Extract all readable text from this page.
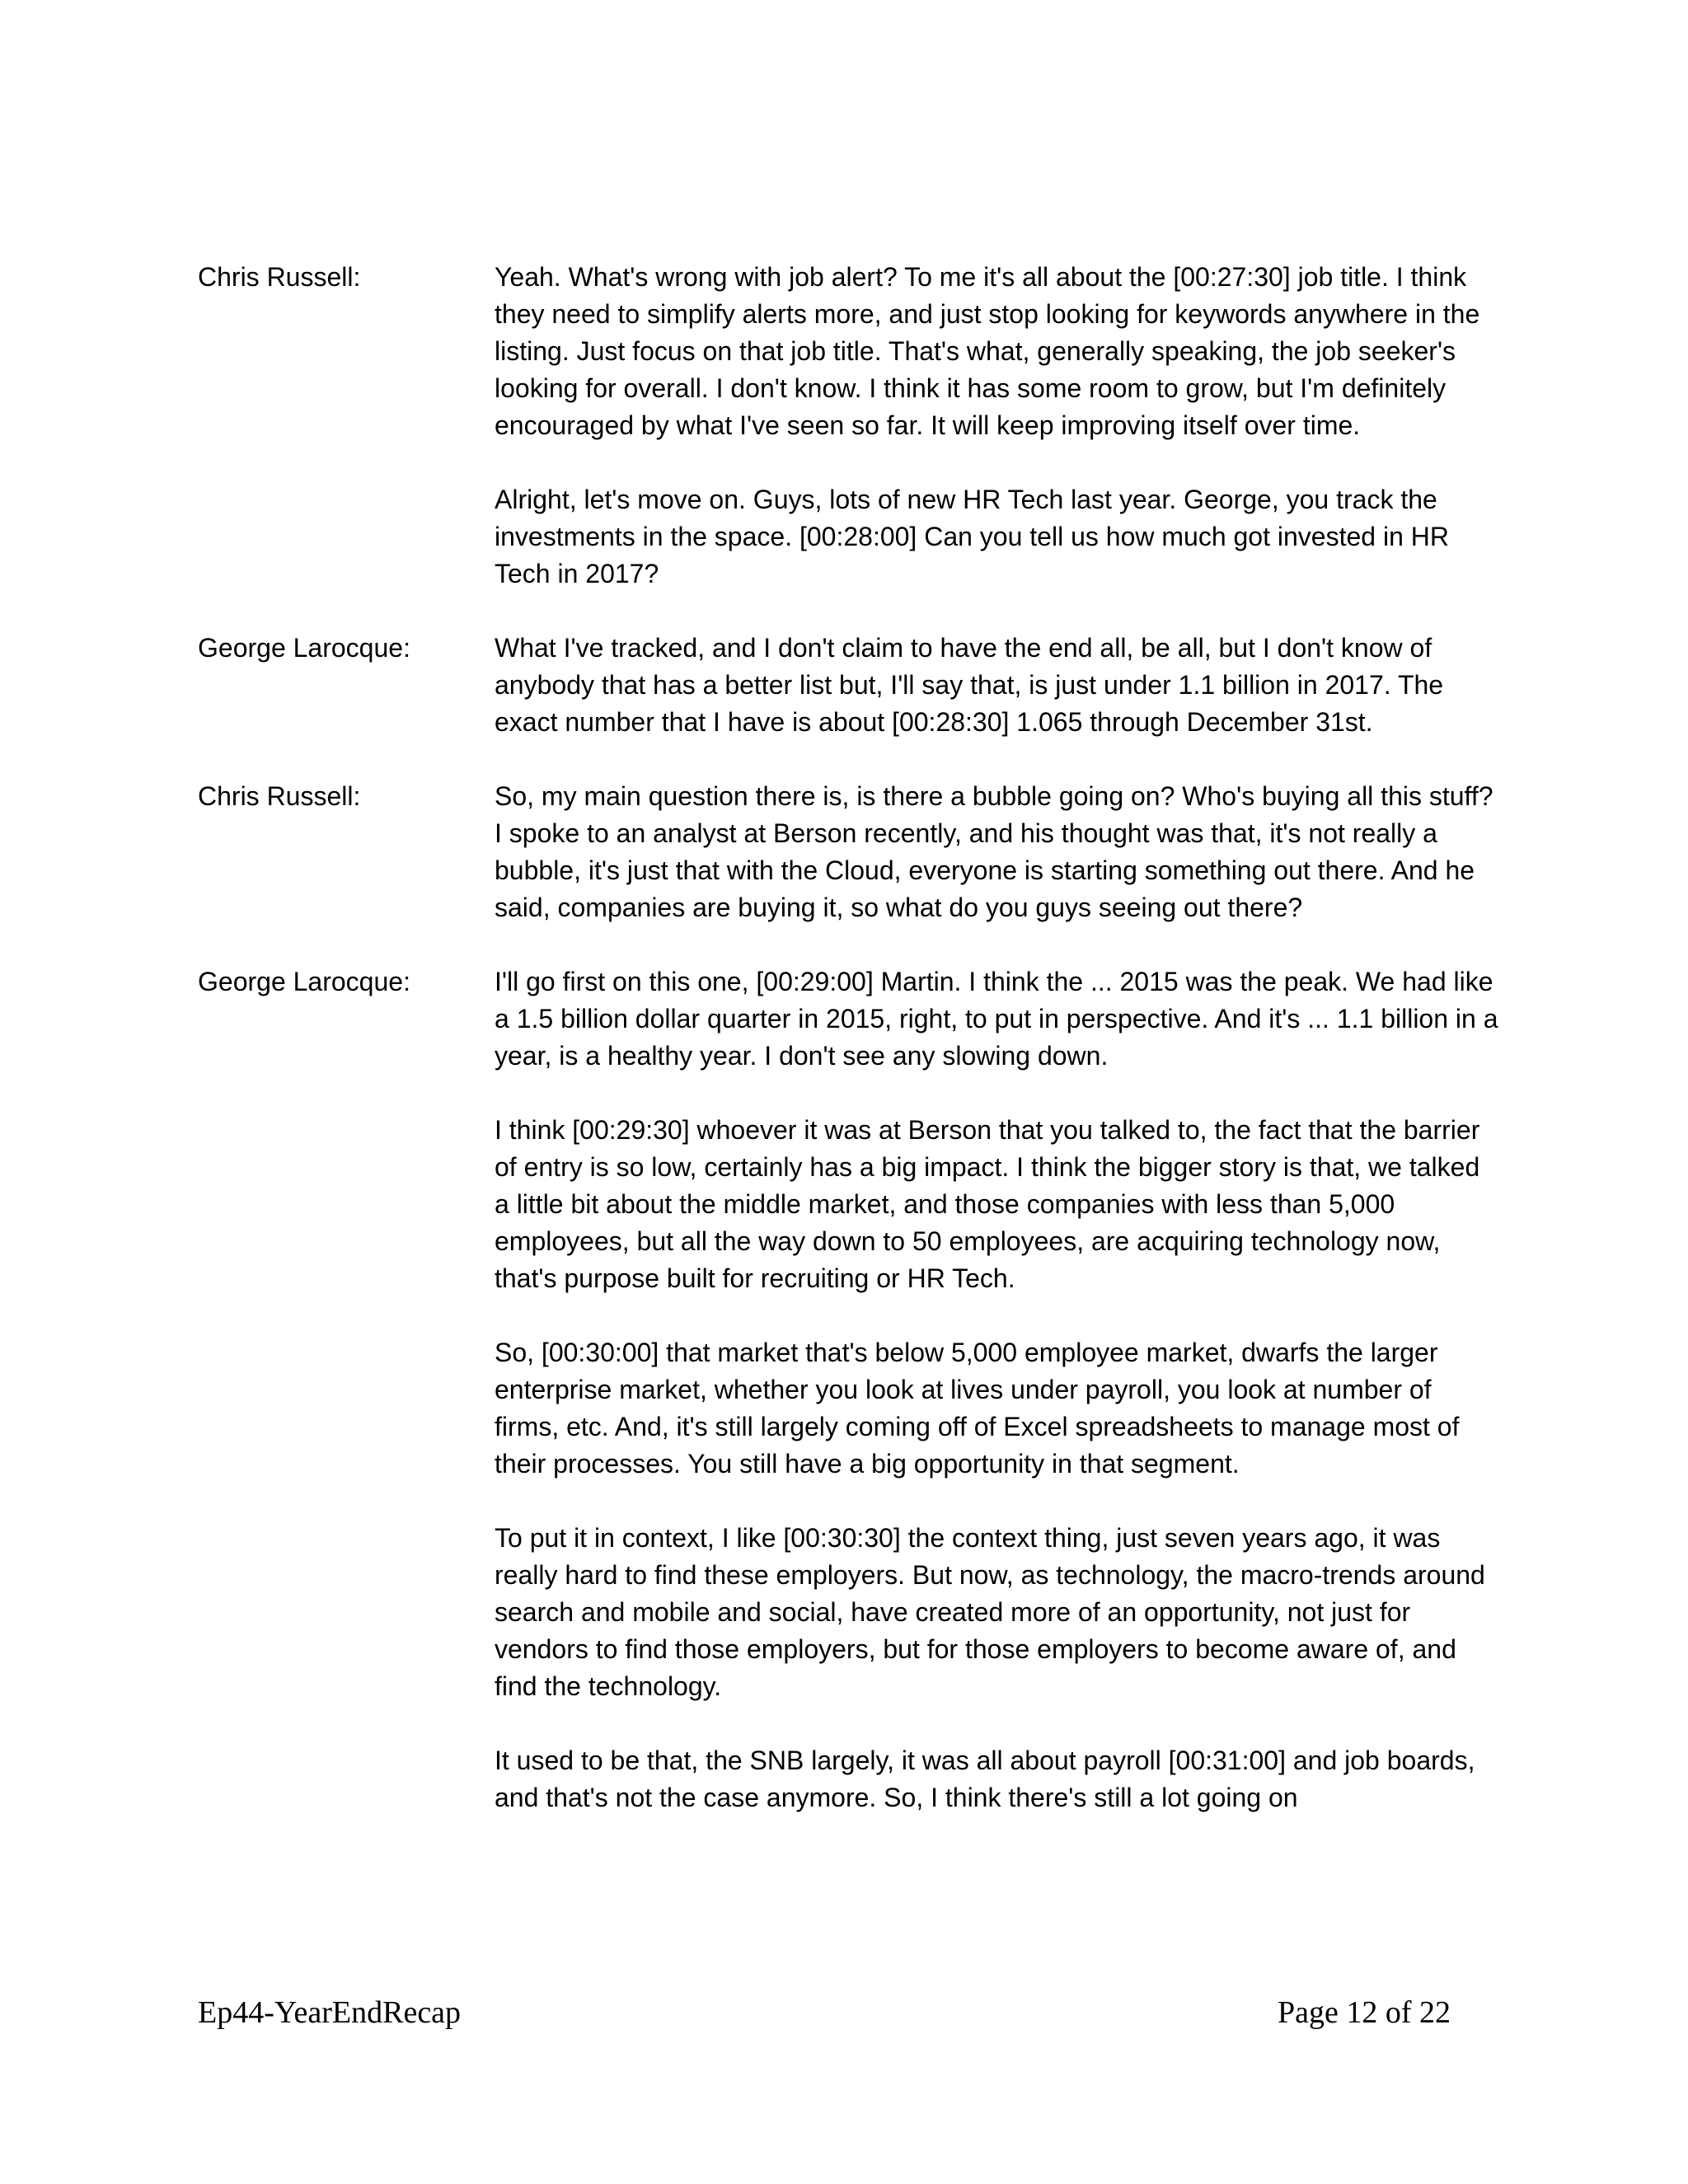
Chris Russell:	Yeah. What's wrong with job alert? To me it's all about the [00:27:30] job title. I think they need to simplify alerts more, and just stop looking for keywords anywhere in the listing. Just focus on that job title. That's what, generally speaking, the job seeker's looking for overall. I don't know. I think it has some room to grow, but I'm definitely encouraged by what I've seen so far. It will keep improving itself over time.

Alright, let's move on. Guys, lots of new HR Tech last year. George, you track the investments in the space. [00:28:00] Can you tell us how much got invested in HR Tech in 2017?

George Larocque:	What I've tracked, and I don't claim to have the end all, be all, but I don't know of anybody that has a better list but, I'll say that, is just under 1.1 billion in 2017. The exact number that I have is about [00:28:30] 1.065 through December 31st.

Chris Russell:	So, my main question there is, is there a bubble going on? Who's buying all this stuff? I spoke to an analyst at Berson recently, and his thought was that, it's not really a bubble, it's just that with the Cloud, everyone is starting something out there. And he said, companies are buying it, so what do you guys seeing out there?

George Larocque:	I'll go first on this one, [00:29:00] Martin. I think the ... 2015 was the peak. We had like a 1.5 billion dollar quarter in 2015, right, to put in perspective. And it's ... 1.1 billion in a year, is a healthy year. I don't see any slowing down.

I think [00:29:30] whoever it was at Berson that you talked to, the fact that the barrier of entry is so low, certainly has a big impact. I think the bigger story is that, we talked a little bit about the middle market, and those companies with less than 5,000 employees, but all the way down to 50 employees, are acquiring technology now, that's purpose built for recruiting or HR Tech.

So, [00:30:00] that market that's below 5,000 employee market, dwarfs the larger enterprise market, whether you look at lives under payroll, you look at number of firms, etc. And, it's still largely coming off of Excel spreadsheets to manage most of their processes. You still have a big opportunity in that segment.

To put it in context, I like [00:30:30] the context thing, just seven years ago, it was really hard to find these employers. But now, as technology, the macro-trends around search and mobile and social, have created more of an opportunity, not just for vendors to find those employers, but for those employers to become aware of, and find the technology.

It used to be that, the SNB largely, it was all about payroll [00:31:00] and job boards, and that's not the case anymore. So, I think there's still a lot going on

Ep44-YearEndRecap	Page 12 of 22
